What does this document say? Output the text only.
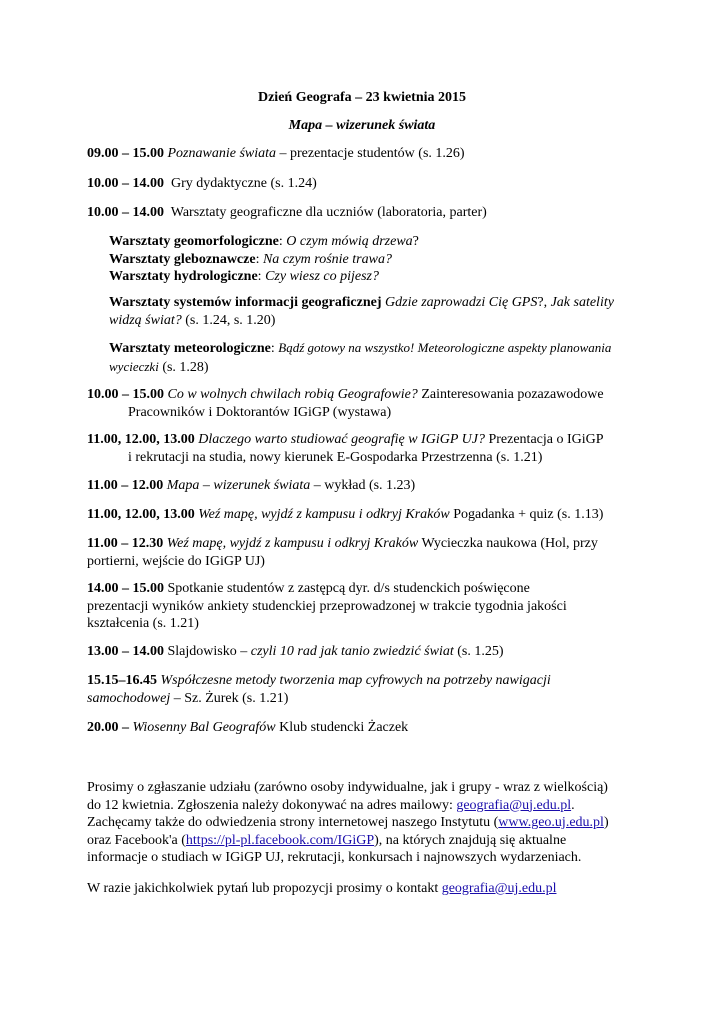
Dzień Geografa – 23 kwietnia 2015
Mapa – wizerunek świata
09.00 – 15.00 Poznawanie świata – prezentacje studentów (s. 1.26)
10.00 – 14.00 Gry dydaktyczne (s. 1.24)
10.00 – 14.00 Warsztaty geograficzne dla uczniów (laboratoria, parter)
Warsztaty geomorfologiczne: O czym mówią drzewa?
Warsztaty gleboznawcze: Na czym rośnie trawa?
Warsztaty hydrologiczne: Czy wiesz co pijesz?
Warsztaty systemów informacji geograficznej Gdzie zaprowadzi Cię GPS?, Jak satelity
widzą świat? (s. 1.24, s. 1.20)
Warsztaty meteorologiczne: Bądź gotowy na wszystko! Meteorologiczne aspekty planowania
wycieczki (s. 1.28)
10.00 – 15.00 Co w wolnych chwilach robią Geografowie? Zainteresowania pozazawodowe
Pracowników i Doktorantów IGiGP (wystawa)
11.00, 12.00, 13.00 Dlaczego warto studiować geografię w IGiGP UJ? Prezentacja o IGiGP
i rekrutacji na studia, nowy kierunek E-Gospodarka Przestrzenna (s. 1.21)
11.00 – 12.00 Mapa – wizerunek świata – wykład (s. 1.23)
11.00, 12.00, 13.00 Weź mapę, wyjdź z kampusu i odkryj Kraków Pogadanka + quiz (s. 1.13)
11.00 – 12.30 Weź mapę, wyjdź z kampusu i odkryj Kraków Wycieczka naukowa (Hol, przy
portierni, wejście do IGiGP UJ)
14.00 – 15.00 Spotkanie studentów z zastępcą dyr. d/s studenckich poświęcone
prezentacji wyników ankiety studenckiej przeprowadzonej w trakcie tygodnia jakości
kształcenia (s. 1.21)
13.00 – 14.00 Slajdowisko – czyli 10 rad jak tanio zwiedzić świat (s. 1.25)
15.15–16.45 Współczesne metody tworzenia map cyfrowych na potrzeby nawigacji
samochodowej – Sz. Żurek (s. 1.21)
20.00 – Wiosenny Bal Geografów Klub studencki Żaczek
Prosimy o zgłaszanie udziału (zarówno osoby indywidualne, jak i grupy - wraz z wielkością)
do 12 kwietnia. Zgłoszenia należy dokonywać na adres mailowy: geografia@uj.edu.pl.
Zachęcamy także do odwiedzenia strony internetowej naszego Instytutu (www.geo.uj.edu.pl)
oraz Facebook'a (https://pl-pl.facebook.com/IGiGP), na których znajdują się aktualne
informacje o studiach w IGiGP UJ, rekrutacji, konkursach i najnowszych wydarzeniach.
W razie jakichkolwiek pytań lub propozycji prosimy o kontakt geografia@uj.edu.pl
